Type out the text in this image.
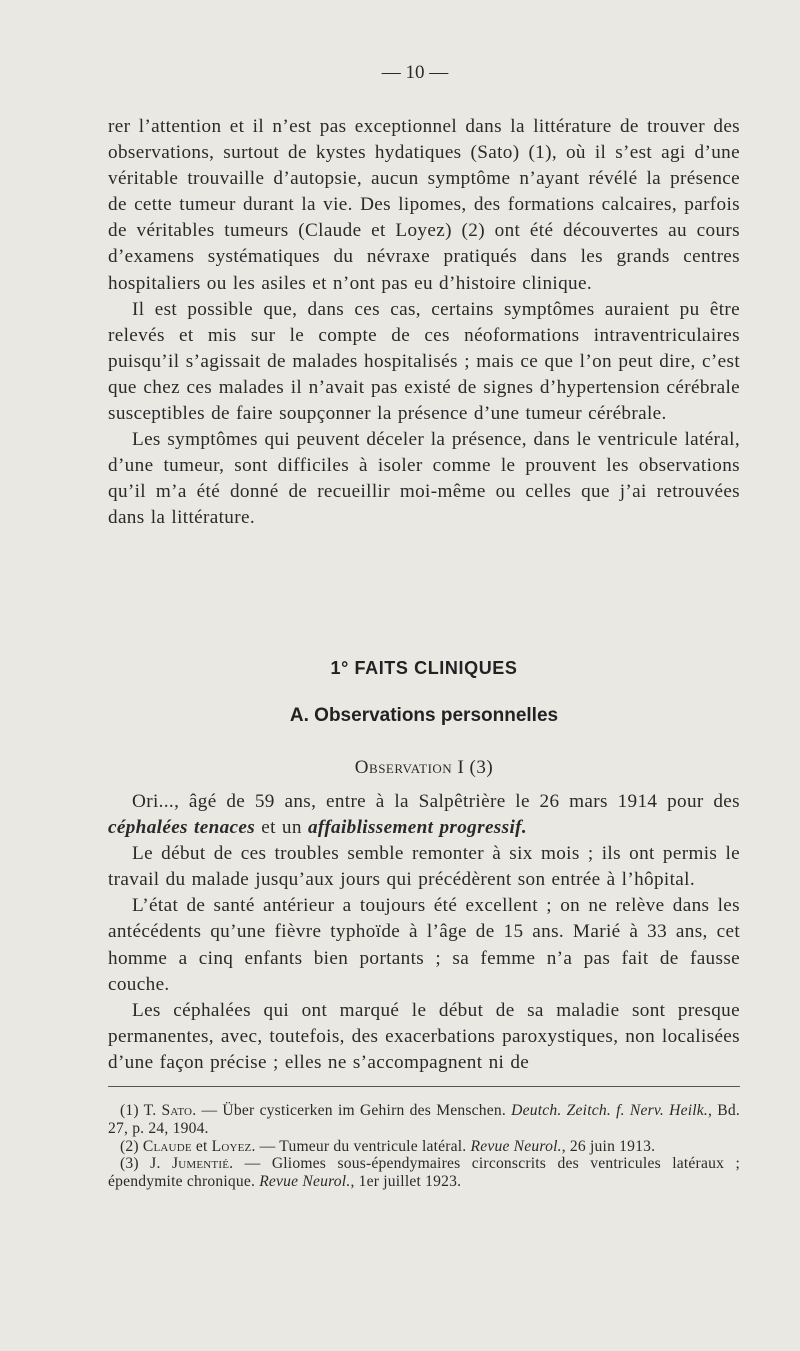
— 10 —

rer l’attention et il n’est pas exceptionnel dans la littérature de trouver des observations, surtout de kystes hydatiques (Sato) (1), où il s’est agi d’une véritable trouvaille d’autopsie, aucun symptôme n’ayant révélé la présence de cette tumeur durant la vie. Des lipomes, des formations calcaires, parfois de véritables tumeurs (Claude et Loyez) (2) ont été découvertes au cours d’examens systématiques du névraxe pratiqués dans les grands centres hospitaliers ou les asiles et n’ont pas eu d’histoire clinique.

Il est possible que, dans ces cas, certains symptômes auraient pu être relevés et mis sur le compte de ces néoformations intraventriculaires puisqu’il s’agissait de malades hospitalisés ; mais ce que l’on peut dire, c’est que chez ces malades il n’avait pas existé de signes d’hypertension cérébrale susceptibles de faire soupçonner la présence d’une tumeur cérébrale.

Les symptômes qui peuvent déceler la présence, dans le ventricule latéral, d’une tumeur, sont difficiles à isoler comme le prouvent les observations qu’il m’a été donné de recueillir moi-même ou celles que j’ai retrouvées dans la littérature.

1° FAITS CLINIQUES
A. Observations personnelles
Observation I (3)

Ori..., âgé de 59 ans, entre à la Salpêtrière le 26 mars 1914 pour des céphalées tenaces et un affaiblissement progressif.

Le début de ces troubles semble remonter à six mois ; ils ont permis le travail du malade jusqu’aux jours qui précédèrent son entrée à l’hôpital.

L’état de santé antérieur a toujours été excellent ; on ne relève dans les antécédents qu’une fièvre typhoïde à l’âge de 15 ans. Marié à 33 ans, cet homme a cinq enfants bien portants ; sa femme n’a pas fait de fausse couche.

Les céphalées qui ont marqué le début de sa maladie sont presque permanentes, avec, toutefois, des exacerbations paroxystiques, non localisées d’une façon précise ; elles ne s’accompagnent ni de

(1) T. Sato. — Über cysticerken im Gehirn des Menschen. Deutch. Zeitch. f. Nerv. Heilk., Bd. 27, p. 24, 1904.

(2) Claude et Loyez. — Tumeur du ventricule latéral. Revue Neurol., 26 juin 1913.

(3) J. Jumentié. — Gliomes sous-épendymaires circonscrits des ventricules latéraux ; épendymite chronique. Revue Neurol., 1er juillet 1923.
